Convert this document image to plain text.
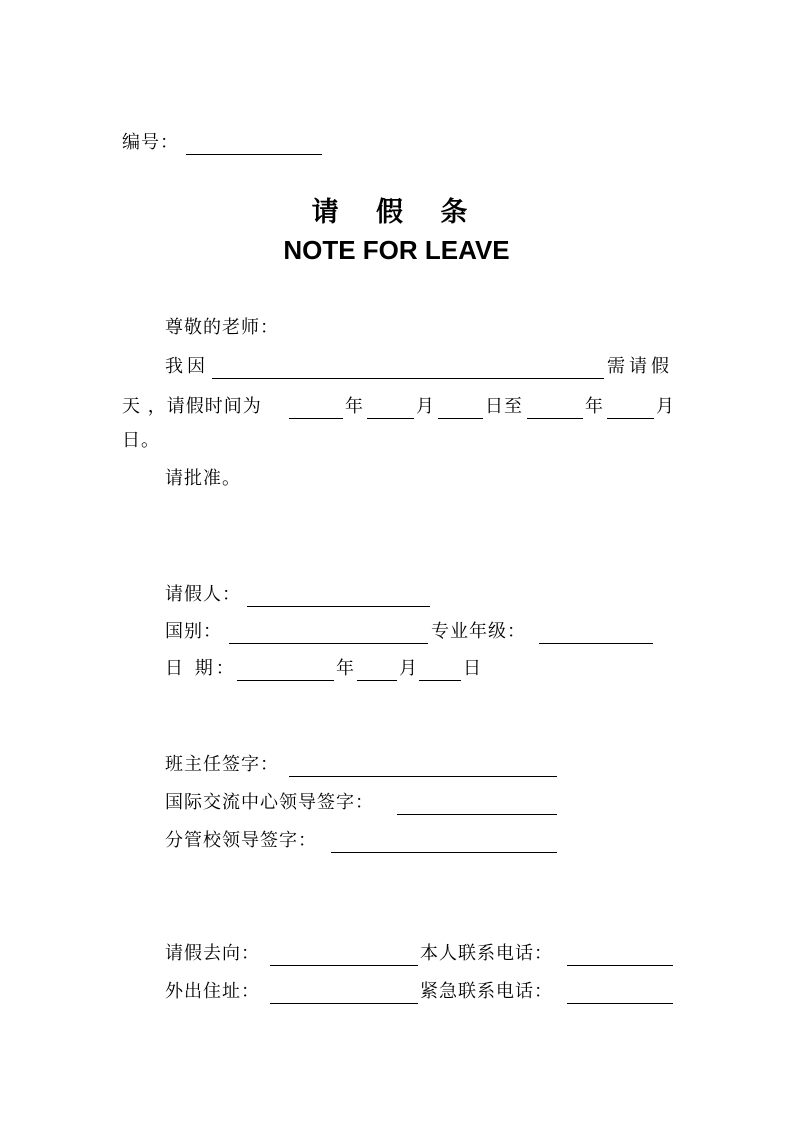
编号：
请 假 条
NOTE FOR LEAVE
尊敬的老师：
我因	需请假
天 ，请假时间为	年	月	日至	年	月
日。
请批准。
请假人：
国别：	专业年级：
日 期：	年 月	日
班主任签字：
国际交流中心领导签字：
分管校领导签字：
请假去向：	本人联系电话：
外出住址：	紧急联系电话：
